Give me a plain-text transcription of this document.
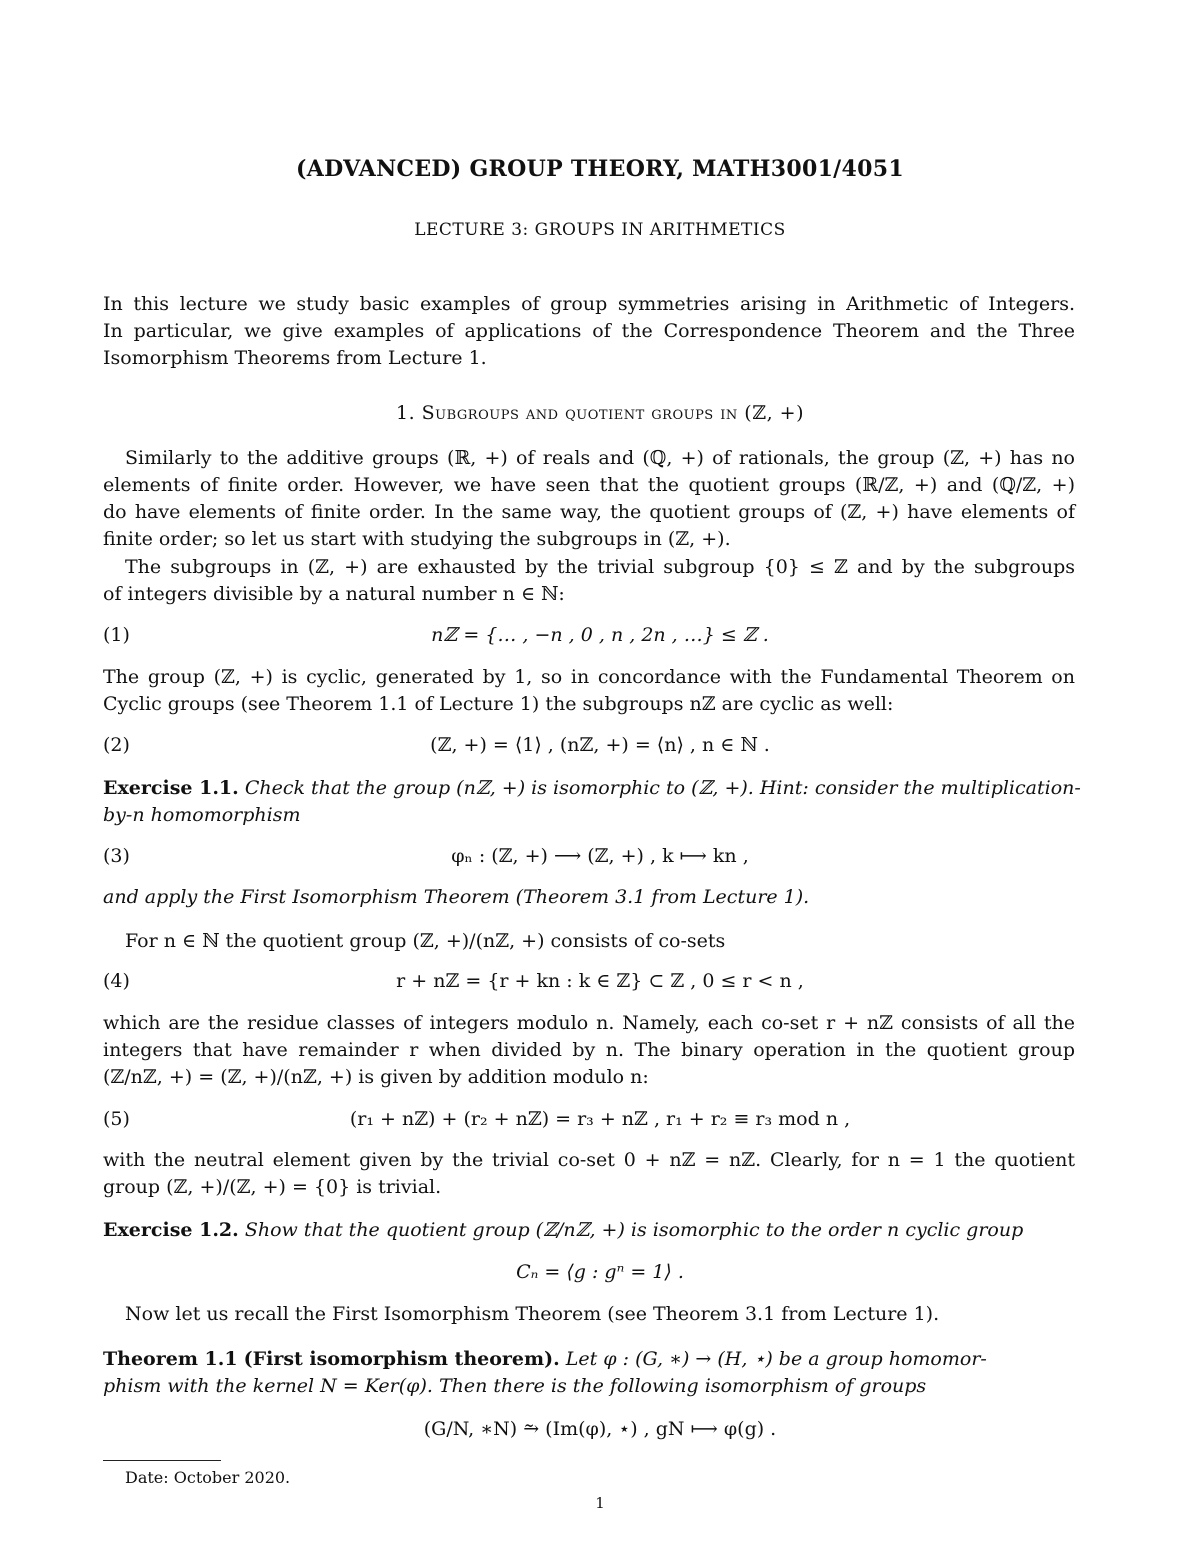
(ADVANCED) GROUP THEORY, MATH3001/4051
LECTURE 3: GROUPS IN ARITHMETICS
In this lecture we study basic examples of group symmetries arising in Arithmetic of Integers.
In particular, we give examples of applications of the Correspondence Theorem and the Three
Isomorphism Theorems from Lecture 1.
1. Subgroups and quotient groups in (ℤ, +)
Similarly to the additive groups (ℝ, +) of reals and (ℚ, +) of rationals, the group (ℤ, +) has no
elements of finite order. However, we have seen that the quotient groups (ℝ/ℤ, +) and (ℚ/ℤ, +)
do have elements of finite order. In the same way, the quotient groups of (ℤ, +) have elements of
finite order; so let us start with studying the subgroups in (ℤ, +).
The subgroups in (ℤ, +) are exhausted by the trivial subgroup {0} ≤ ℤ and by the subgroups
of integers divisible by a natural number n ∈ ℕ:
(1)	nℤ = {… , −n , 0 , n , 2n , …} ≤ ℤ .
The group (ℤ, +) is cyclic, generated by 1, so in concordance with the Fundamental Theorem on
Cyclic groups (see Theorem 1.1 of Lecture 1) the subgroups nℤ are cyclic as well:
(2)	(ℤ, +) = ⟨1⟩ , (nℤ, +) = ⟨n⟩ , n ∈ ℕ .
Exercise 1.1. Check that the group (nℤ, +) is isomorphic to (ℤ, +). Hint: consider the multiplication-
by-n homomorphism
(3)	φₙ : (ℤ, +) ⟶ (ℤ, +) , k ⟼ kn ,
and apply the First Isomorphism Theorem (Theorem 3.1 from Lecture 1).
For n ∈ ℕ the quotient group (ℤ, +)/(nℤ, +) consists of co-sets
(4)	r + nℤ = {r + kn : k ∈ ℤ} ⊂ ℤ , 0 ≤ r < n ,
which are the residue classes of integers modulo n. Namely, each co-set r + nℤ consists of all the
integers that have remainder r when divided by n. The binary operation in the quotient group
(ℤ/nℤ, +) = (ℤ, +)/(nℤ, +) is given by addition modulo n:
(5)	(r₁ + nℤ) + (r₂ + nℤ) = r₃ + nℤ , r₁ + r₂ ≡ r₃ mod n ,
with the neutral element given by the trivial co-set 0 + nℤ = nℤ. Clearly, for n = 1 the quotient
group (ℤ, +)/(ℤ, +) = {0} is trivial.
Exercise 1.2. Show that the quotient group (ℤ/nℤ, +) is isomorphic to the order n cyclic group
Cₙ = ⟨g : gⁿ = 1⟩ .
Now let us recall the First Isomorphism Theorem (see Theorem 3.1 from Lecture 1).
Theorem 1.1 (First isomorphism theorem). Let φ : (G, ∗) → (H, ⋆) be a group homomor-
phism with the kernel N = Ker(φ). Then there is the following isomorphism of groups
(G/N, ∗N) ⥲ (Im(φ), ⋆) , gN ⟼ φ(g) .
Date: October 2020.
1
